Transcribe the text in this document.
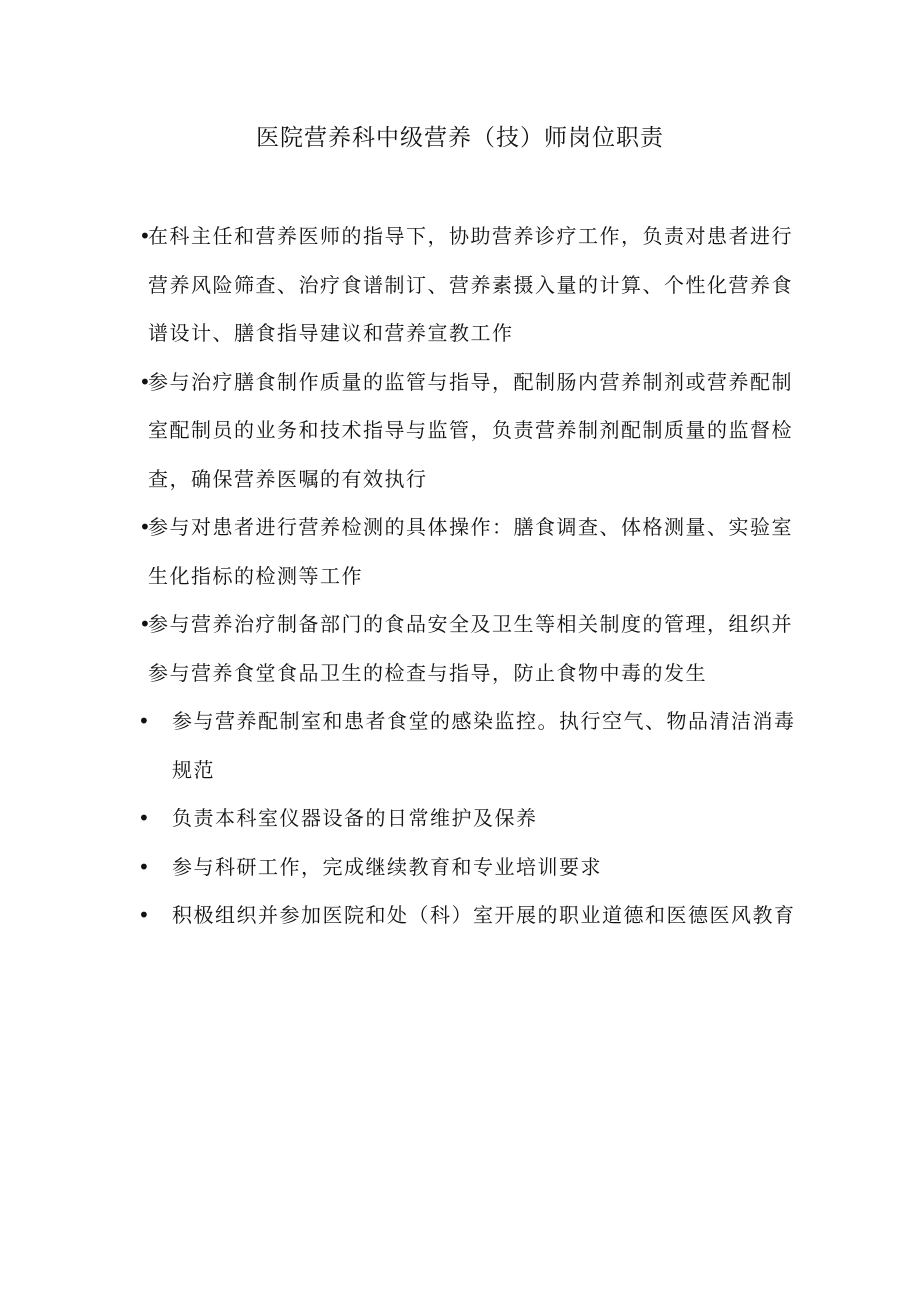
医院营养科中级营养（技）师岗位职责
•
在科主任和营养医师的指导下，协助营养诊疗工作，负责对患者进行营养风险筛查、治疗食谱制订、营养素摄入量的计算、个性化营养食谱设计、膳食指导建议和营养宣教工作
•
参与治疗膳食制作质量的监管与指导，配制肠内营养制剂或营养配制室配制员的业务和技术指导与监管，负责营养制剂配制质量的监督检查，确保营养医嘱的有效执行
•
参与对患者进行营养检测的具体操作：膳食调查、体格测量、实验室生化指标的检测等工作
•
参与营养治疗制备部门的食品安全及卫生等相关制度的管理，组织并参与营养食堂食品卫生的检查与指导，防止食物中毒的发生
• 参与营养配制室和患者食堂的感染监控。执行空气、物品清洁消毒规范
• 负责本科室仪器设备的日常维护及保养
• 参与科研工作，完成继续教育和专业培训要求
• 积极组织并参加医院和处（科）室开展的职业道德和医德医风教育
